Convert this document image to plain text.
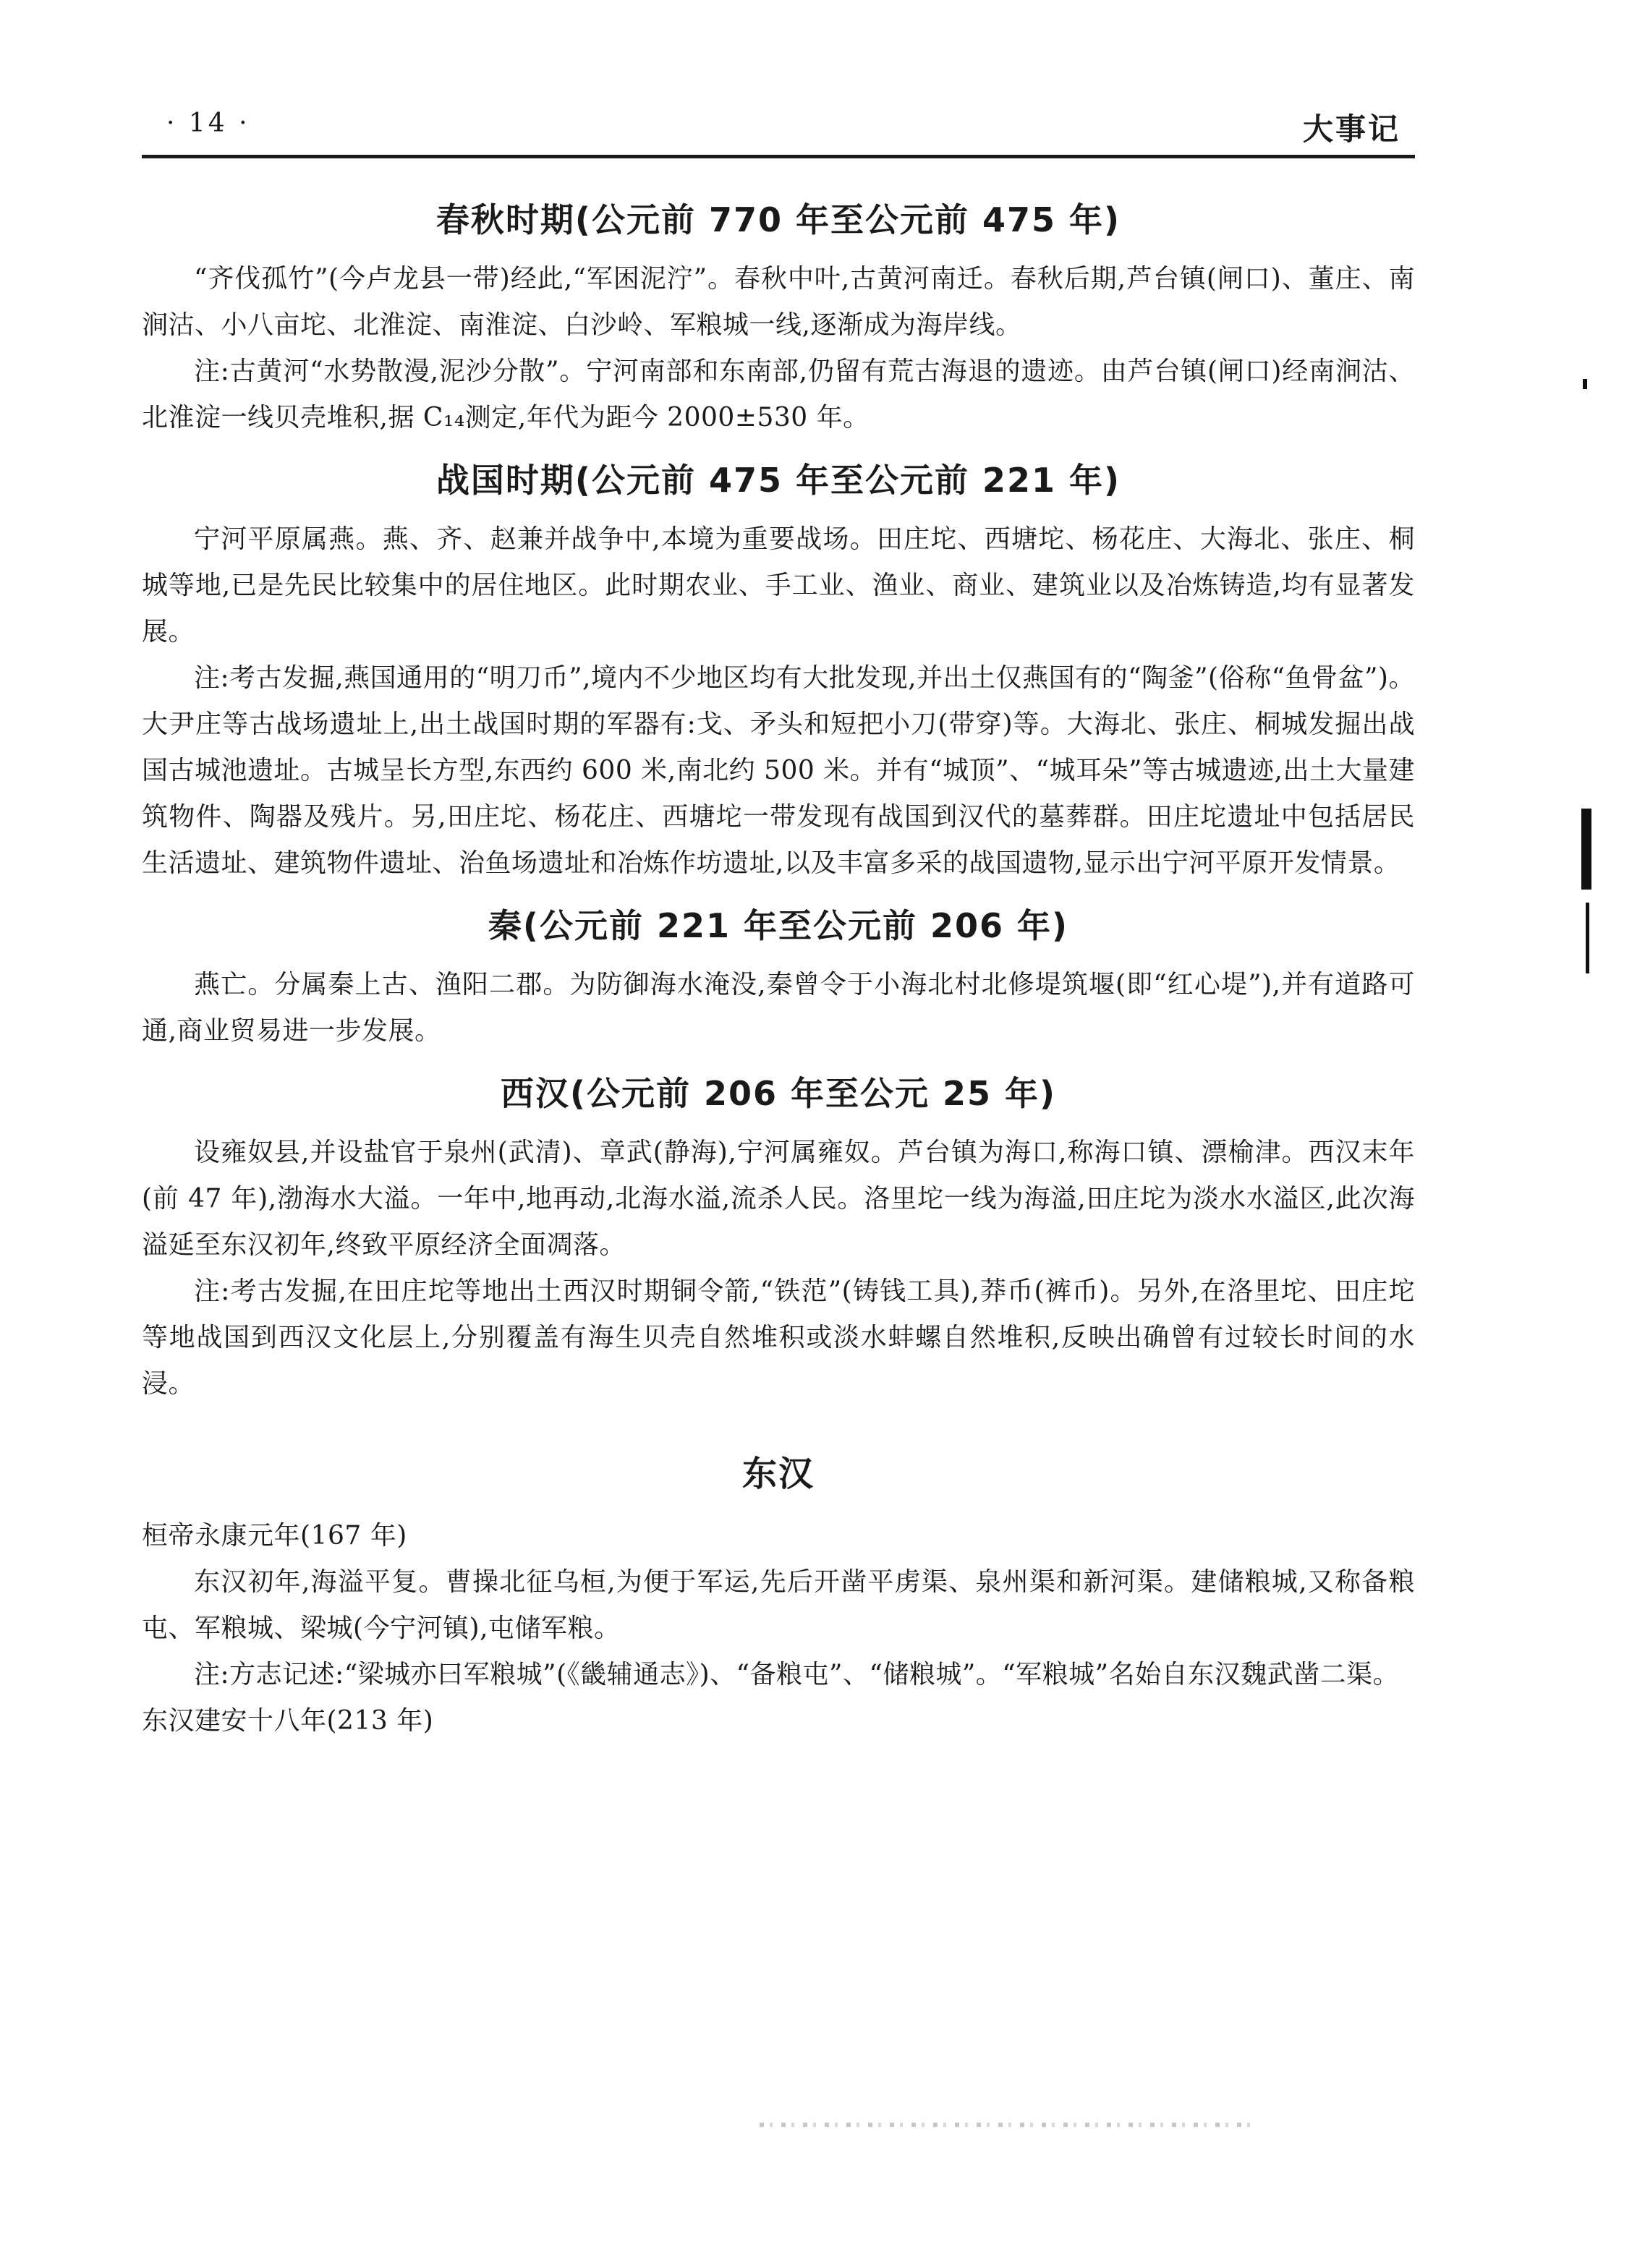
· 14 ·	大事记
春秋时期(公元前 770 年至公元前 475 年)

“齐伐孤竹”(今卢龙县一带)经此,“军困泥泞”。春秋中叶,古黄河南迁。春秋后期,芦台镇(闸口)、董庄、南涧沽、小八亩坨、北淮淀、南淮淀、白沙岭、军粮城一线,逐渐成为海岸线。

注:古黄河“水势散漫,泥沙分散”。宁河南部和东南部,仍留有荒古海退的遗迹。由芦台镇(闸口)经南涧沽、北淮淀一线贝壳堆积,据 C₁₄测定,年代为距今 2000±530 年。

战国时期(公元前 475 年至公元前 221 年)

宁河平原属燕。燕、齐、赵兼并战争中,本境为重要战场。田庄坨、西塘坨、杨花庄、大海北、张庄、桐城等地,已是先民比较集中的居住地区。此时期农业、手工业、渔业、商业、建筑业以及冶炼铸造,均有显著发展。

注:考古发掘,燕国通用的“明刀币”,境内不少地区均有大批发现,并出土仅燕国有的“陶釜”(俗称“鱼骨盆”)。大尹庄等古战场遗址上,出土战国时期的军器有:戈、矛头和短把小刀(带穿)等。大海北、张庄、桐城发掘出战国古城池遗址。古城呈长方型,东西约 600 米,南北约 500 米。并有“城顶”、“城耳朵”等古城遗迹,出土大量建筑物件、陶器及残片。另,田庄坨、杨花庄、西塘坨一带发现有战国到汉代的墓葬群。田庄坨遗址中包括居民生活遗址、建筑物件遗址、治鱼场遗址和冶炼作坊遗址,以及丰富多采的战国遗物,显示出宁河平原开发情景。

秦(公元前 221 年至公元前 206 年)

燕亡。分属秦上古、渔阳二郡。为防御海水淹没,秦曾令于小海北村北修堤筑堰(即“红心堤”),并有道路可通,商业贸易进一步发展。

西汉(公元前 206 年至公元 25 年)

设雍奴县,并设盐官于泉州(武清)、章武(静海),宁河属雍奴。芦台镇为海口,称海口镇、漂榆津。西汉末年(前 47 年),渤海水大溢。一年中,地再动,北海水溢,流杀人民。洛里坨一线为海溢,田庄坨为淡水水溢区,此次海溢延至东汉初年,终致平原经济全面凋落。

注:考古发掘,在田庄坨等地出土西汉时期铜令箭,“铁范”(铸钱工具),莽币(裤币)。另外,在洛里坨、田庄坨等地战国到西汉文化层上,分别覆盖有海生贝壳自然堆积或淡水蚌螺自然堆积,反映出确曾有过较长时间的水浸。

东汉

桓帝永康元年(167 年)

东汉初年,海溢平复。曹操北征乌桓,为便于军运,先后开凿平虏渠、泉州渠和新河渠。建储粮城,又称备粮屯、军粮城、梁城(今宁河镇),屯储军粮。

注:方志记述:“梁城亦曰军粮城”(《畿辅通志》)、“备粮屯”、“储粮城”。“军粮城”名始自东汉魏武凿二渠。

东汉建安十八年(213 年)
